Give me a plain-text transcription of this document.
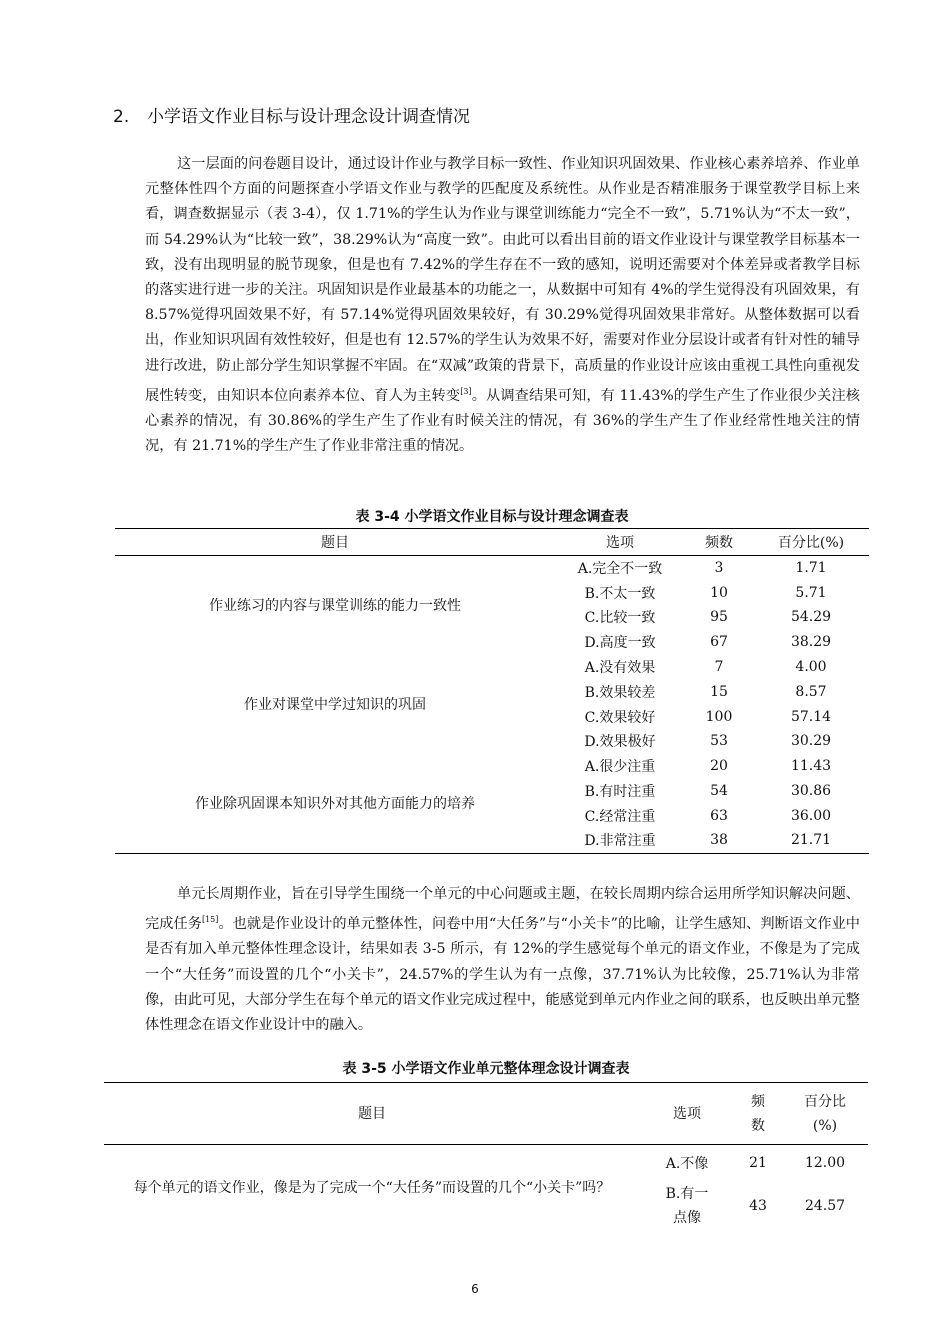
2. 小学语文作业目标与设计理念设计调查情况

这一层面的问卷题目设计，通过设计作业与教学目标一致性、作业知识巩固效果、作业核心素养培养、作业单元整体性四个方面的问题探查小学语文作业与教学的匹配度及系统性。从作业是否精准服务于课堂教学目标上来看，调查数据显示（表 3-4），仅 1.71%的学生认为作业与课堂训练能力“完全不一致”，5.71%认为“不太一致”，而 54.29%认为“比较一致”，38.29%认为“高度一致”。由此可以看出目前的语文作业设计与课堂教学目标基本一致，没有出现明显的脱节现象，但是也有 7.42%的学生存在不一致的感知，说明还需要对个体差异或者教学目标的落实进行进一步的关注。巩固知识是作业最基本的功能之一，从数据中可知有 4%的学生觉得没有巩固效果，有 8.57%觉得巩固效果不好，有 57.14%觉得巩固效果较好，有 30.29%觉得巩固效果非常好。从整体数据可以看出，作业知识巩固有效性较好，但是也有 12.57%的学生认为效果不好，需要对作业分层设计或者有针对性的辅导进行改进，防止部分学生知识掌握不牢固。在“双减”政策的背景下，高质量的作业设计应该由重视工具性向重视发展性转变，由知识本位向素养本位、育人为主转变[3]。从调查结果可知，有 11.43%的学生产生了作业很少关注核心素养的情况，有 30.86%的学生产生了作业有时候关注的情况，有 36%的学生产生了作业经常性地关注的情况，有 21.71%的学生产生了作业非常注重的情况。

表 3-4 小学语文作业目标与设计理念调查表
题目	选项	频数	百分比(%)
作业练习的内容与课堂训练的能力一致性	A.完全不一致	3	1.71
	B.不太一致	10	5.71
	C.比较一致	95	54.29
	D.高度一致	67	38.29
作业对课堂中学过知识的巩固	A.没有效果	7	4.00
	B.效果较差	15	8.57
	C.效果较好	100	57.14
	D.效果极好	53	30.29
作业除巩固课本知识外对其他方面能力的培养	A.很少注重	20	11.43
	B.有时注重	54	30.86
	C.经常注重	63	36.00
	D.非常注重	38	21.71

单元长周期作业，旨在引导学生围绕一个单元的中心问题或主题，在较长周期内综合运用所学知识解决问题、完成任务[15]。也就是作业设计的单元整体性，问卷中用“大任务”与“小关卡”的比喻，让学生感知、判断语文作业中是否有加入单元整体性理念设计，结果如表 3-5 所示，有 12%的学生感觉每个单元的语文作业，不像是为了完成一个“大任务”而设置的几个“小关卡”，24.57%的学生认为有一点像，37.71%认为比较像，25.71%认为非常像，由此可见，大部分学生在每个单元的语文作业完成过程中，能感觉到单元内作业之间的联系，也反映出单元整体性理念在语文作业设计中的融入。

表 3-5 小学语文作业单元整体理念设计调查表
题目	选项	频数	百分比(%)
每个单元的语文作业，像是为了完成一个“大任务”而设置的几个“小关卡”吗？	A.不像	21	12.00
	B.有一点像	43	24.57
6
